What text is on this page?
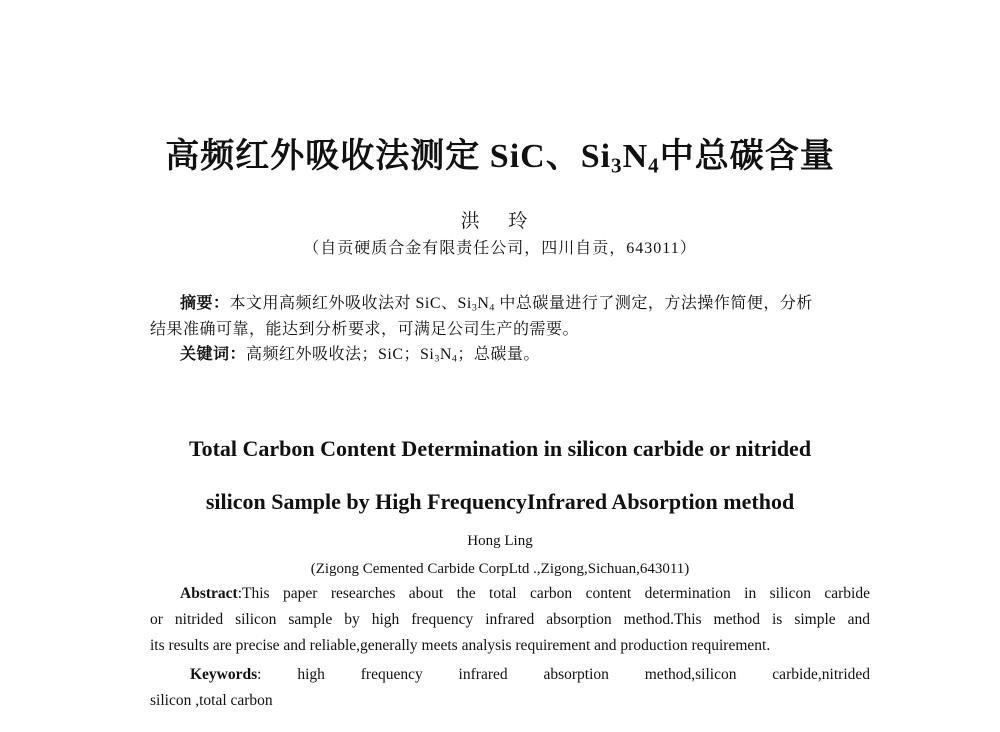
高频红外吸收法测定 SiC、$Si_3N_4$中总碳含量
洪 玲
（自贡硬质合金有限责任公司，四川自贡，643011）
摘要：本文用高频红外吸收法对 SiC、$Si_3N_4$ 中总碳量进行了测定，方法操作简便，分析
结果准确可靠，能达到分析要求，可满足公司生产的需要。
关键词：高频红外吸收法；SiC；$Si_3N_4$；总碳量。
Total Carbon Content Determination in silicon carbide or nitrided
silicon Sample by High FrequencyInfrared Absorption method
Hong Ling
(Zigong Cemented Carbide CorpLtd .,Zigong,Sichuan,643011)
Abstract:This paper researches about the total carbon content determination in silicon carbide
or nitrided silicon sample by high frequency infrared absorption method.This method is simple and
its results are precise and reliable,generally meets analysis requirement and production requirement.
Keywords: high frequency infrared absorption method,silicon carbide,nitrided
silicon ,total carbon
